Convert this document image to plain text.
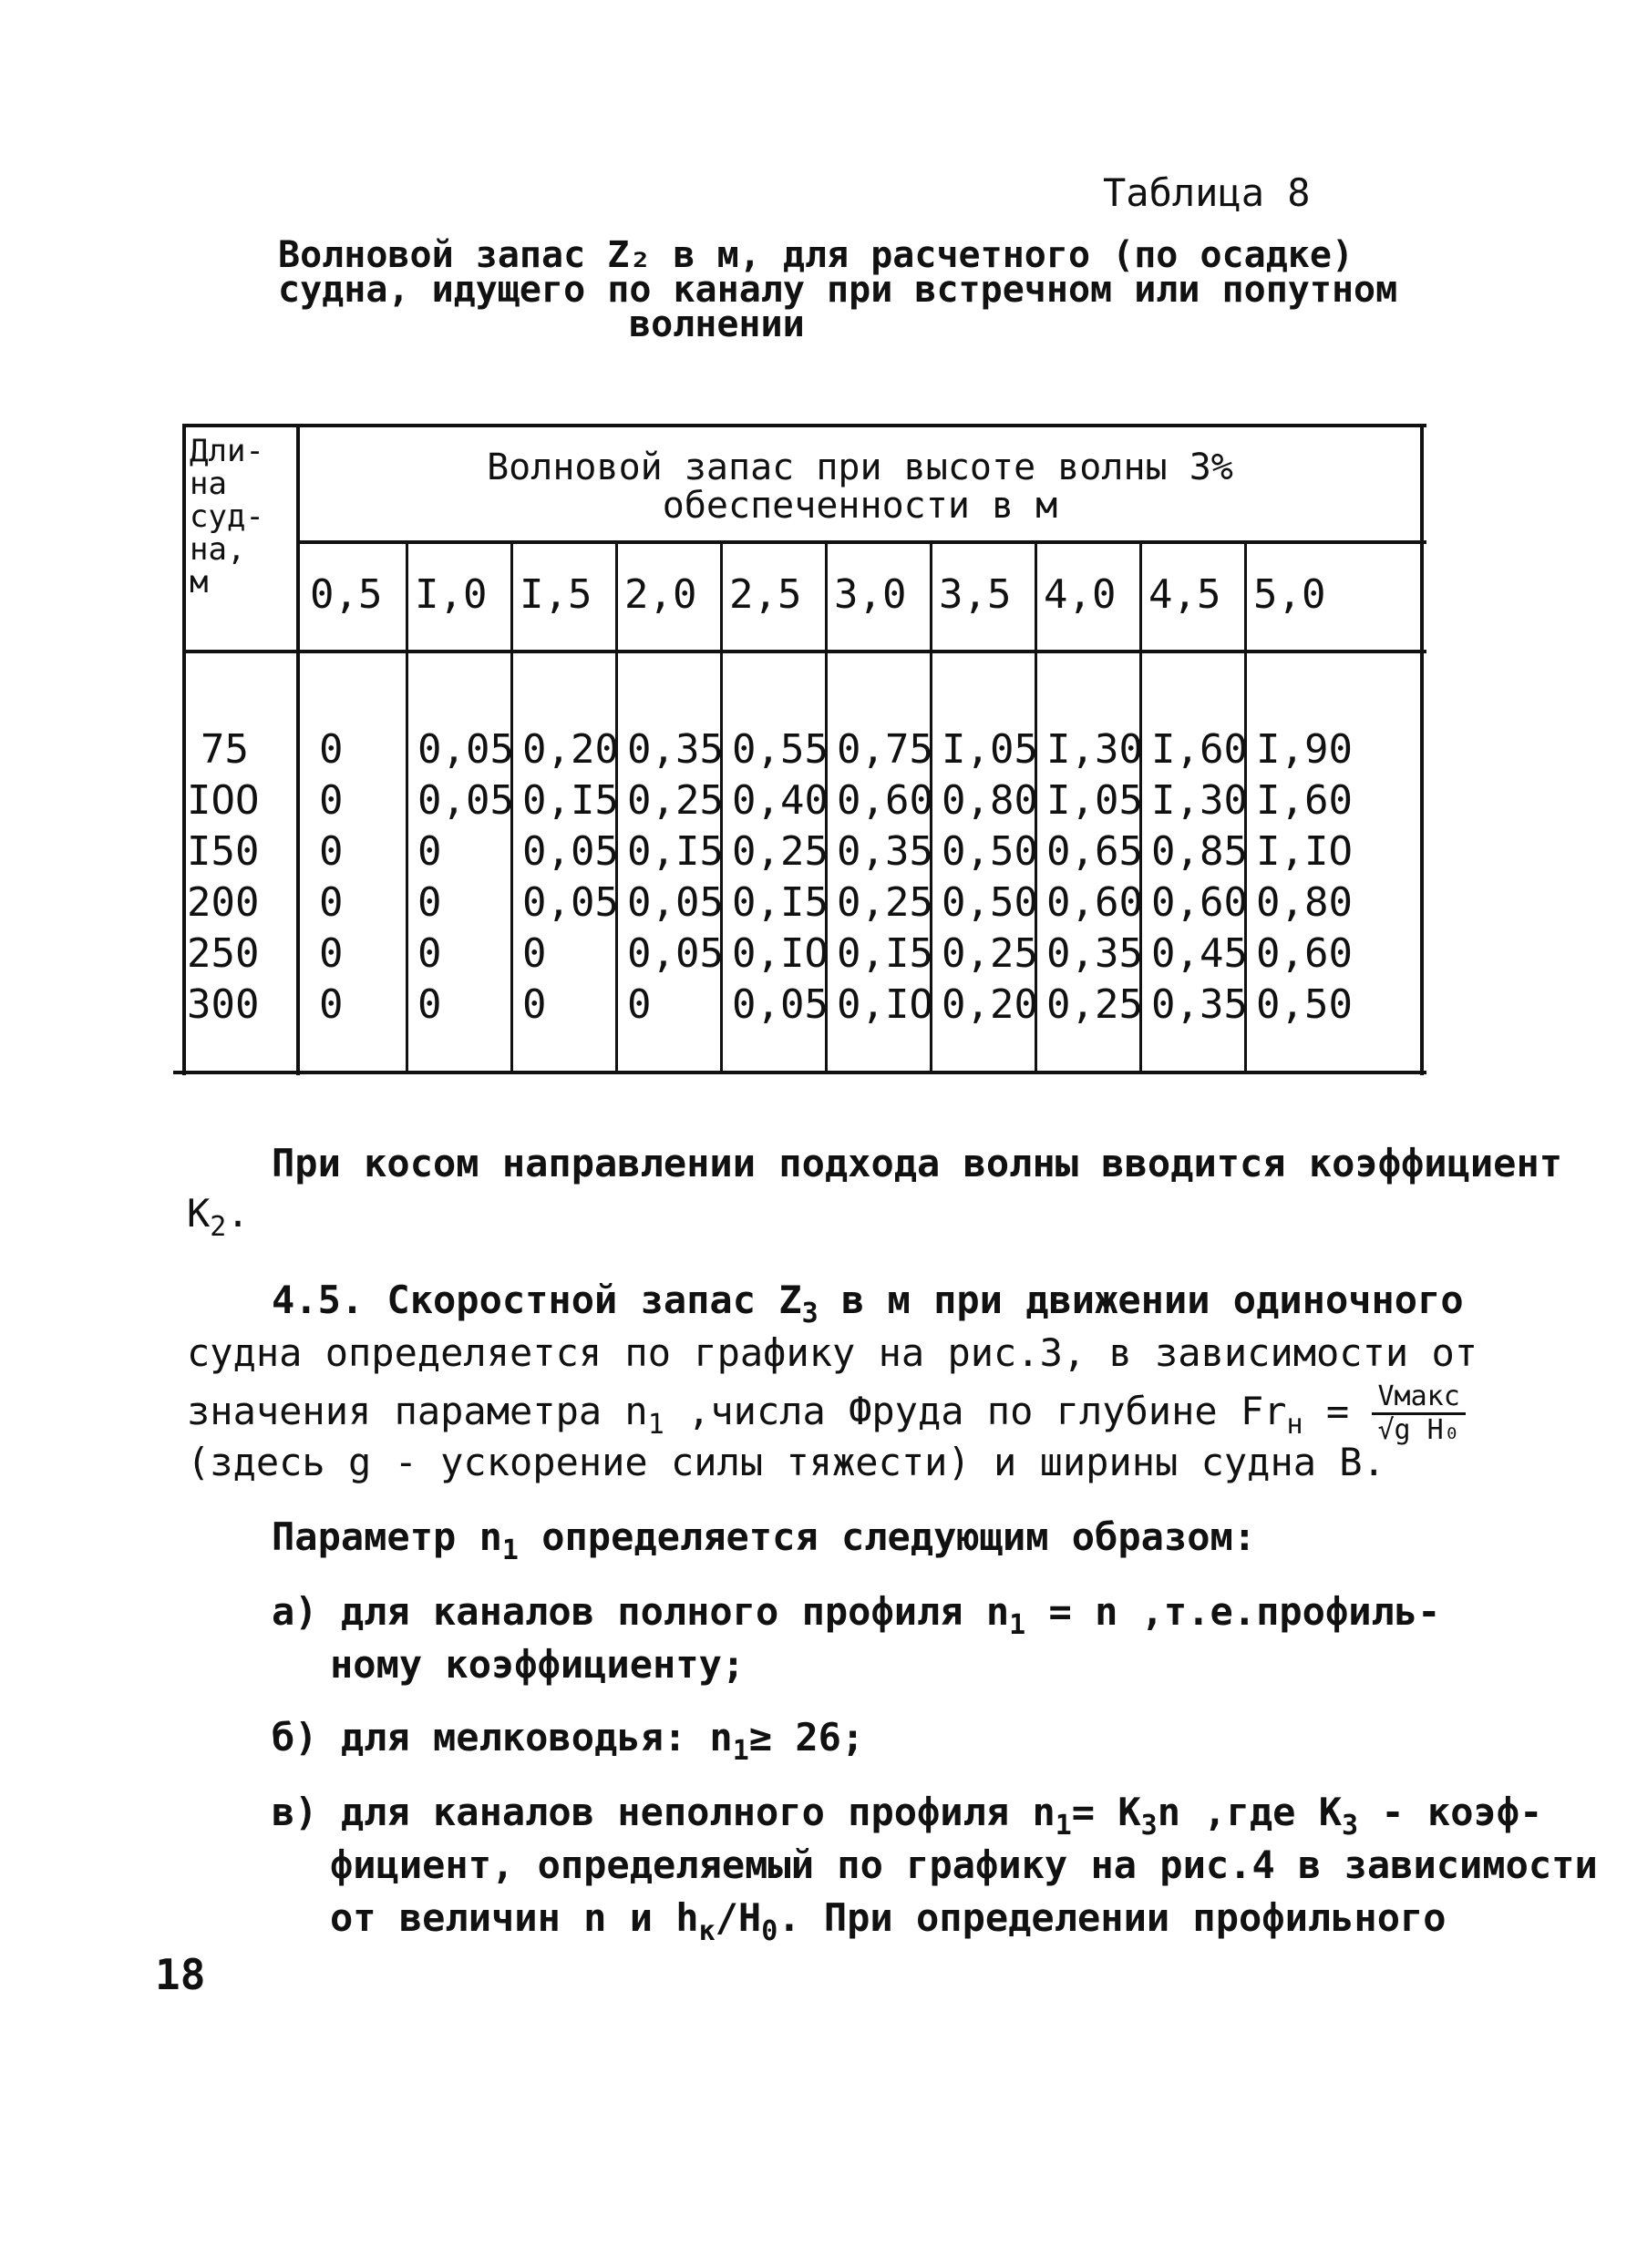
Таблица 8
Волновой запас Z₂ в м, для расчетного (по осадке)
судна, идущего по каналу при встречном или попутном
волнении
Дли-
на
суд-
на,
м
Волновой запас при высоте волны 3%
обеспеченности в м
0,5 I,0 I,5 2,0 2,5 3,0 3,5 4,0 4,5 5,0
75 0 0,05 0,20 0,35 0,55 0,75 I,05 I,30 I,60 I,90
IOO 0 0,05 0,I5 0,25 0,40 0,60 0,80 I,05 I,30 I,60
I50 0 0 0,05 0,I5 0,25 0,35 0,50 0,65 0,85 I,IO
200 0 0 0,05 0,05 0,I5 0,25 0,50 0,60 0,60 0,80
250 0 0 0 0,05 0,IO 0,I5 0,25 0,35 0,45 0,60
300 0 0 0 0 0,05 0,IO 0,20 0,25 0,35 0,50
При косом направлении подхода волны вводится коэффициент
$К_2$.
4.5. Скоростной запас $Z_3$ в м при движении одиночного
судна определяется по графику на рис.3, в зависимости от
значения параметра $n_1$ ,числа Фруда по глубине $Fr_н = \frac{\text{Vмакс}}{\text{√g H₀}}$
(здесь g - ускорение силы тяжести) и ширины судна В.
Параметр $n_1$ определяется следующим образом:
а) для каналов полного профиля $n_1 = n$ ,т.е.профиль-
ному коэффициенту;
б) для мелководья: $n_1\ge 26$;
в) для каналов неполного профиля $n_1= К_3n$ ,где $К_3$ - коэф-
фициент, определяемый по графику на рис.4 в зависимости
от величин n и $h_к/H_0$. При определении профильного
18
